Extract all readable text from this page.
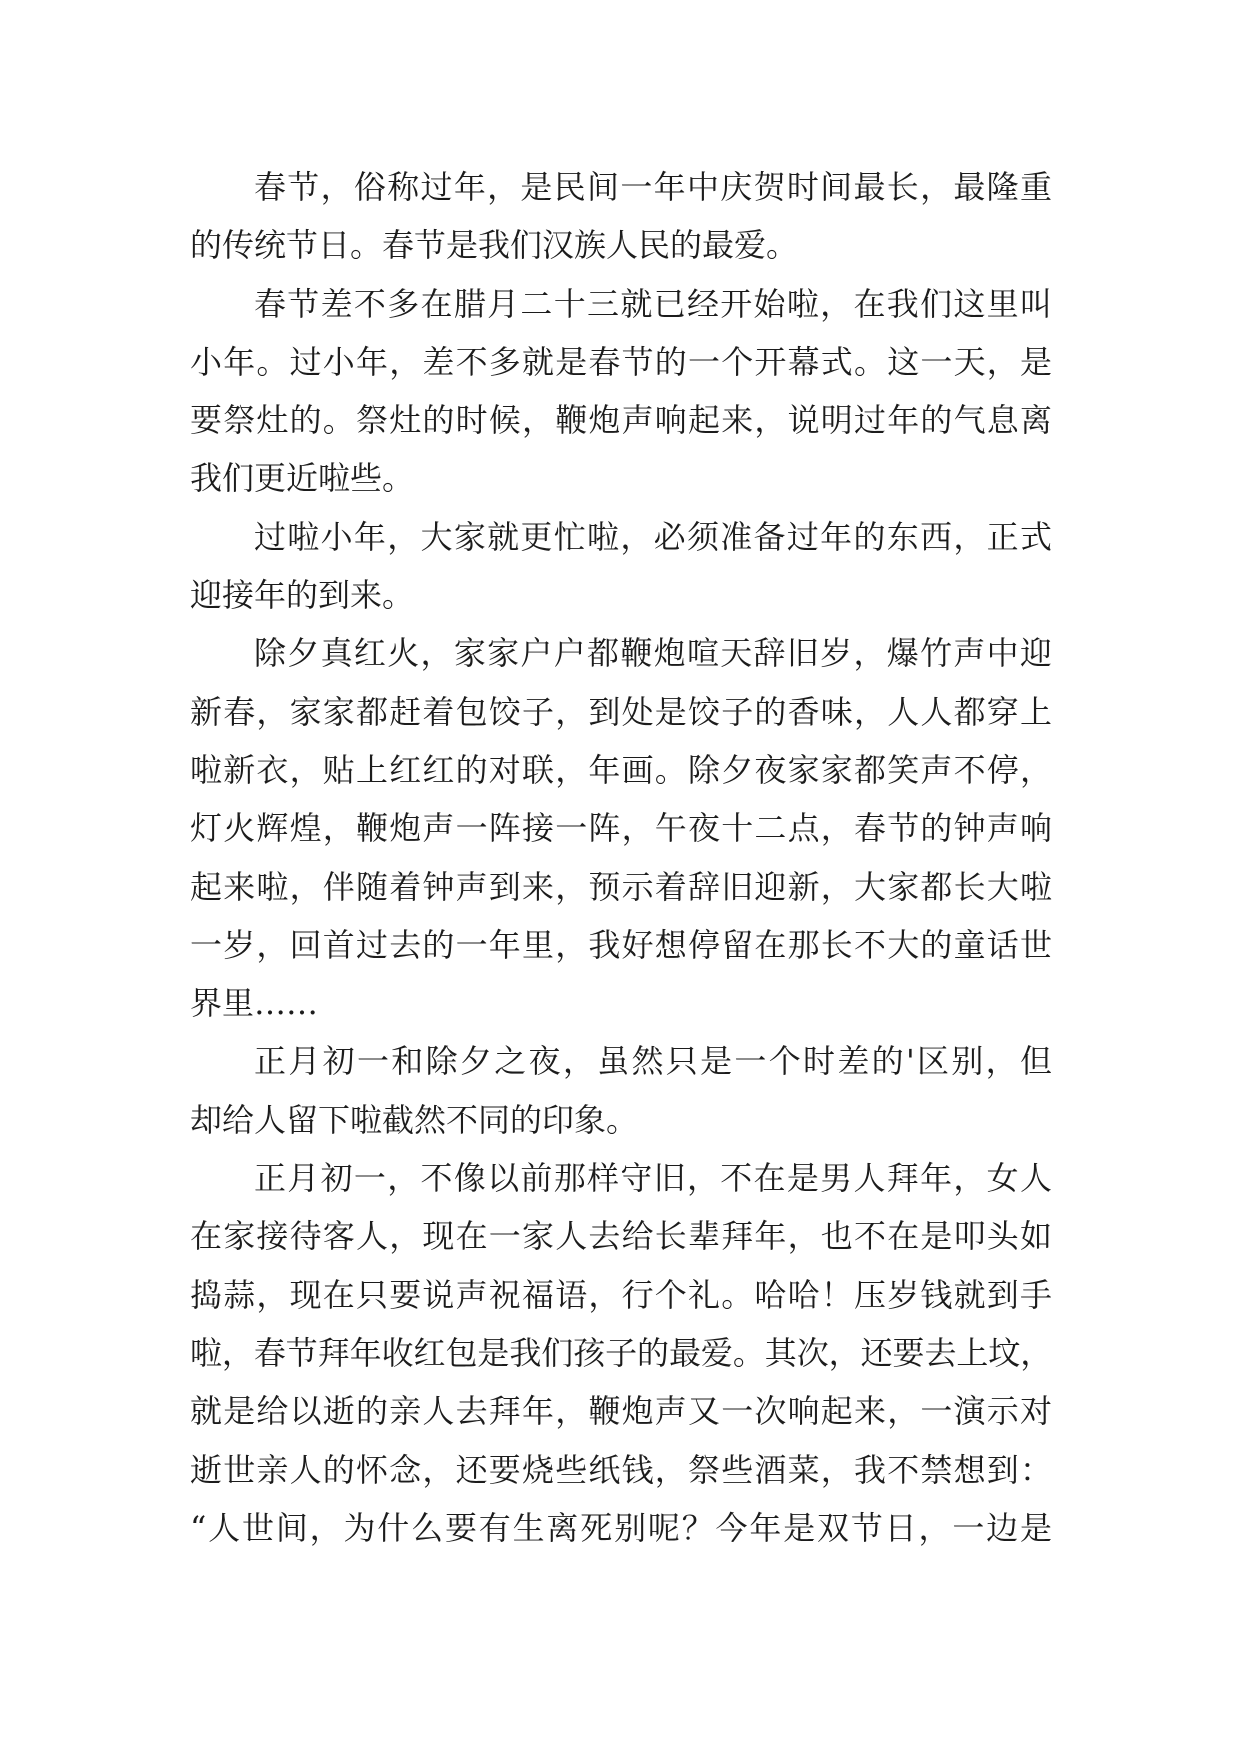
春节，俗称过年，是民间一年中庆贺时间最长，最隆重
的传统节日。春节是我们汉族人民的最爱。
春节差不多在腊月二十三就已经开始啦，在我们这里叫
小年。过小年，差不多就是春节的一个开幕式。这一天，是
要祭灶的。祭灶的时候，鞭炮声响起来，说明过年的气息离
我们更近啦些。
过啦小年，大家就更忙啦，必须准备过年的东西，正式
迎接年的到来。
除夕真红火，家家户户都鞭炮喧天辞旧岁，爆竹声中迎
新春，家家都赶着包饺子，到处是饺子的香味，人人都穿上
啦新衣，贴上红红的对联，年画。除夕夜家家都笑声不停，
灯火辉煌，鞭炮声一阵接一阵，午夜十二点，春节的钟声响
起来啦，伴随着钟声到来，预示着辞旧迎新，大家都长大啦
一岁，回首过去的一年里，我好想停留在那长不大的童话世
界里……
正月初一和除夕之夜，虽然只是一个时差的'区别，但
却给人留下啦截然不同的印象。
正月初一，不像以前那样守旧，不在是男人拜年，女人
在家接待客人，现在一家人去给长辈拜年，也不在是叩头如
捣蒜，现在只要说声祝福语，行个礼。哈哈！压岁钱就到手
啦，春节拜年收红包是我们孩子的最爱。其次，还要去上坟，
就是给以逝的亲人去拜年，鞭炮声又一次响起来，一演示对
逝世亲人的怀念，还要烧些纸钱，祭些酒菜，我不禁想到：
“人世间，为什么要有生离死别呢？今年是双节日，一边是
